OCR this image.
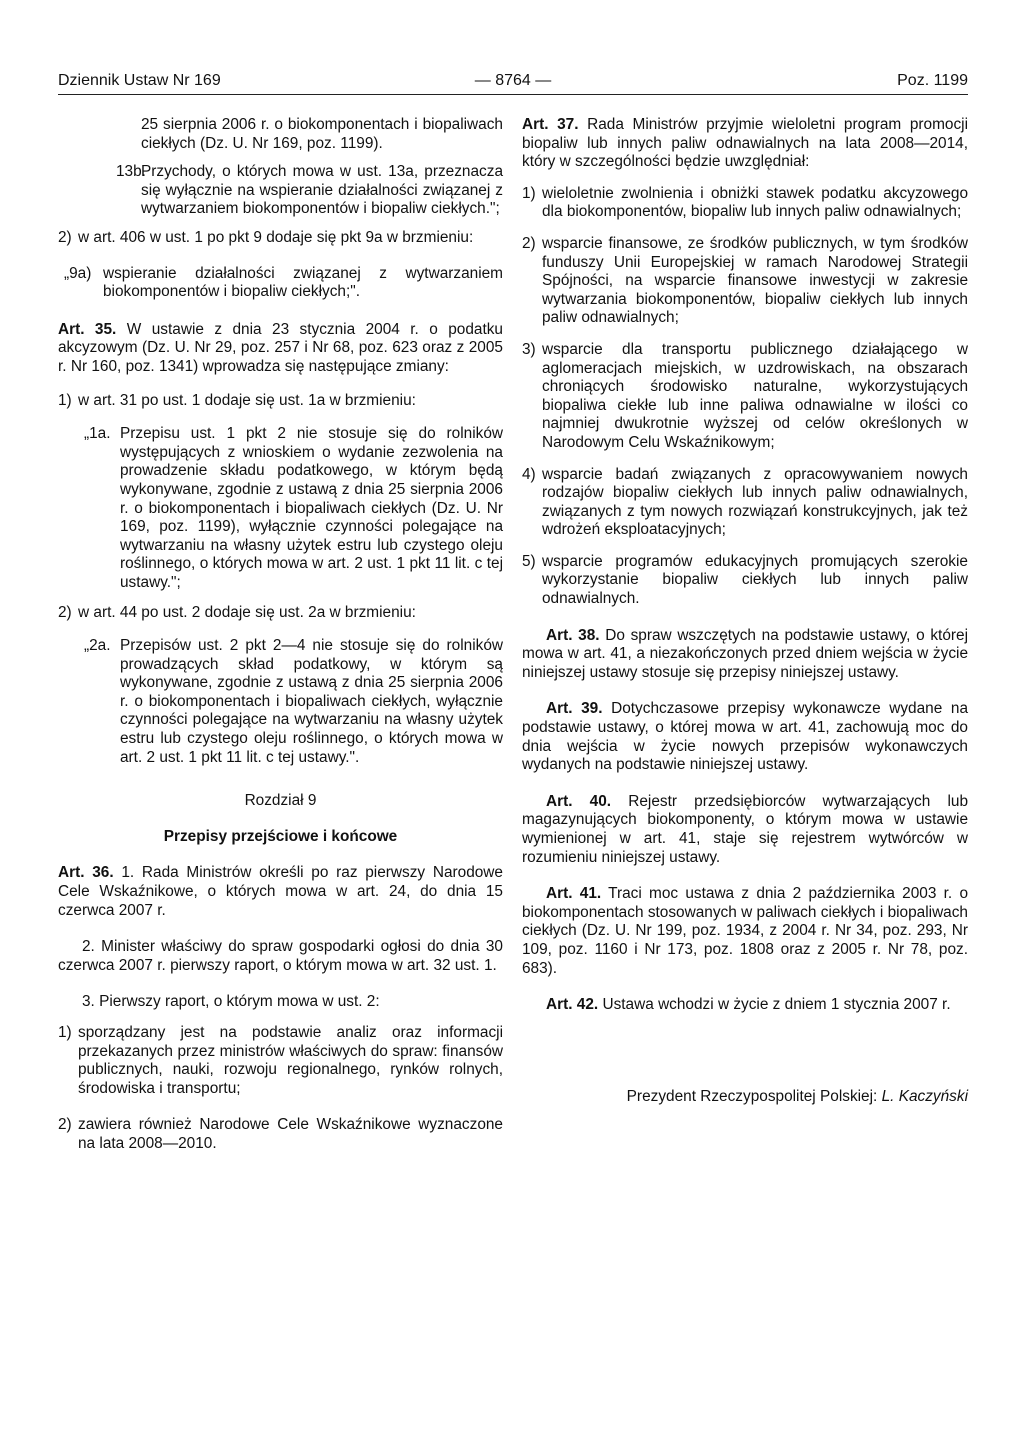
Dziennik Ustaw Nr 169	— 8764 —	Poz. 1199

25 sierpnia 2006 r. o biokomponentach i biopaliwach ciekłych (Dz. U. Nr 169, poz. 1199).

13b.
Przychody, o których mowa w ust. 13a, przeznacza się wyłącznie na wspieranie działalności związanej z wytwarzaniem biokomponentów i biopaliw ciekłych.";
2) w art. 406 w ust. 1 po pkt 9 dodaje się pkt 9a w brzmieniu:
„9a) wspieranie działalności związanej z wytwarzaniem biokomponentów i biopaliw ciekłych;".

Art. 35. W ustawie z dnia 23 stycznia 2004 r. o podatku akcyzowym (Dz. U. Nr 29, poz. 257 i Nr 68, poz. 623 oraz z 2005 r. Nr 160, poz. 1341) wprowadza się następujące zmiany:

1) w art. 31 po ust. 1 dodaje się ust. 1a w brzmieniu:
„1a. Przepisu ust. 1 pkt 2 nie stosuje się do rolników występujących z wnioskiem o wydanie zezwolenia na prowadzenie składu podatkowego, w którym będą wykonywane, zgodnie z ustawą z dnia 25 sierpnia 2006 r. o biokomponentach i biopaliwach ciekłych (Dz. U. Nr 169, poz. 1199), wyłącznie czynności polegające na wytwarzaniu na własny użytek estru lub czystego oleju roślinnego, o których mowa w art. 2 ust. 1 pkt 11 lit. c tej ustawy.";
2) w art. 44 po ust. 2 dodaje się ust. 2a w brzmieniu:
„2a. Przepisów ust. 2 pkt 2—4 nie stosuje się do rolników prowadzących skład podatkowy, w którym są wykonywane, zgodnie z ustawą z dnia 25 sierpnia 2006 r. o biokomponentach i biopaliwach ciekłych, wyłącznie czynności polegające na wytwarzaniu na własny użytek estru lub czystego oleju roślinnego, o których mowa w art. 2 ust. 1 pkt 11 lit. c tej ustawy.".

Rozdział 9

Przepisy przejściowe i końcowe

Art. 36. 1. Rada Ministrów określi po raz pierwszy Narodowe Cele Wskaźnikowe, o których mowa w art. 24, do dnia 15 czerwca 2007 r.

2. Minister właściwy do spraw gospodarki ogłosi do dnia 30 czerwca 2007 r. pierwszy raport, o którym mowa w art. 32 ust. 1.

3. Pierwszy raport, o którym mowa w ust. 2:

1) sporządzany jest na podstawie analiz oraz informacji przekazanych przez ministrów właściwych do spraw: finansów publicznych, nauki, rozwoju regionalnego, rynków rolnych, środowiska i transportu;
2) zawiera również Narodowe Cele Wskaźnikowe wyznaczone na lata 2008—2010.

Art. 37. Rada Ministrów przyjmie wieloletni program promocji biopaliw lub innych paliw odnawialnych na lata 2008—2014, który w szczególności będzie uwzględniał:

1) wieloletnie zwolnienia i obniżki stawek podatku akcyzowego dla biokomponentów, biopaliw lub innych paliw odnawialnych;
2) wsparcie finansowe, ze środków publicznych, w tym środków funduszy Unii Europejskiej w ramach Narodowej Strategii Spójności, na wsparcie finansowe inwestycji w zakresie wytwarzania biokomponentów, biopaliw ciekłych lub innych paliw odnawialnych;
3) wsparcie dla transportu publicznego działającego w aglomeracjach miejskich, w uzdrowiskach, na obszarach chroniących środowisko naturalne, wykorzystujących biopaliwa ciekłe lub inne paliwa odnawialne w ilości co najmniej dwukrotnie wyższej od celów określonych w Narodowym Celu Wskaźnikowym;
4) wsparcie badań związanych z opracowywaniem nowych rodzajów biopaliw ciekłych lub innych paliw odnawialnych, związanych z tym nowych rozwiązań konstrukcyjnych, jak też wdrożeń eksploatacyjnych;
5) wsparcie programów edukacyjnych promujących szerokie wykorzystanie biopaliw ciekłych lub innych paliw odnawialnych.

Art. 38. Do spraw wszczętych na podstawie ustawy, o której mowa w art. 41, a niezakończonych przed dniem wejścia w życie niniejszej ustawy stosuje się przepisy niniejszej ustawy.

Art. 39. Dotychczasowe przepisy wykonawcze wydane na podstawie ustawy, o której mowa w art. 41, zachowują moc do dnia wejścia w życie nowych przepisów wykonawczych wydanych na podstawie niniejszej ustawy.

Art. 40. Rejestr przedsiębiorców wytwarzających lub magazynujących biokomponenty, o którym mowa w ustawie wymienionej w art. 41, staje się rejestrem wytwórców w rozumieniu niniejszej ustawy.

Art. 41. Traci moc ustawa z dnia 2 października 2003 r. o biokomponentach stosowanych w paliwach ciekłych i biopaliwach ciekłych (Dz. U. Nr 199, poz. 1934, z 2004 r. Nr 34, poz. 293, Nr 109, poz. 1160 i Nr 173, poz. 1808 oraz z 2005 r. Nr 78, poz. 683).

Art. 42. Ustawa wchodzi w życie z dniem 1 stycznia 2007 r.

Prezydent Rzeczypospolitej Polskiej: L. Kaczyński
